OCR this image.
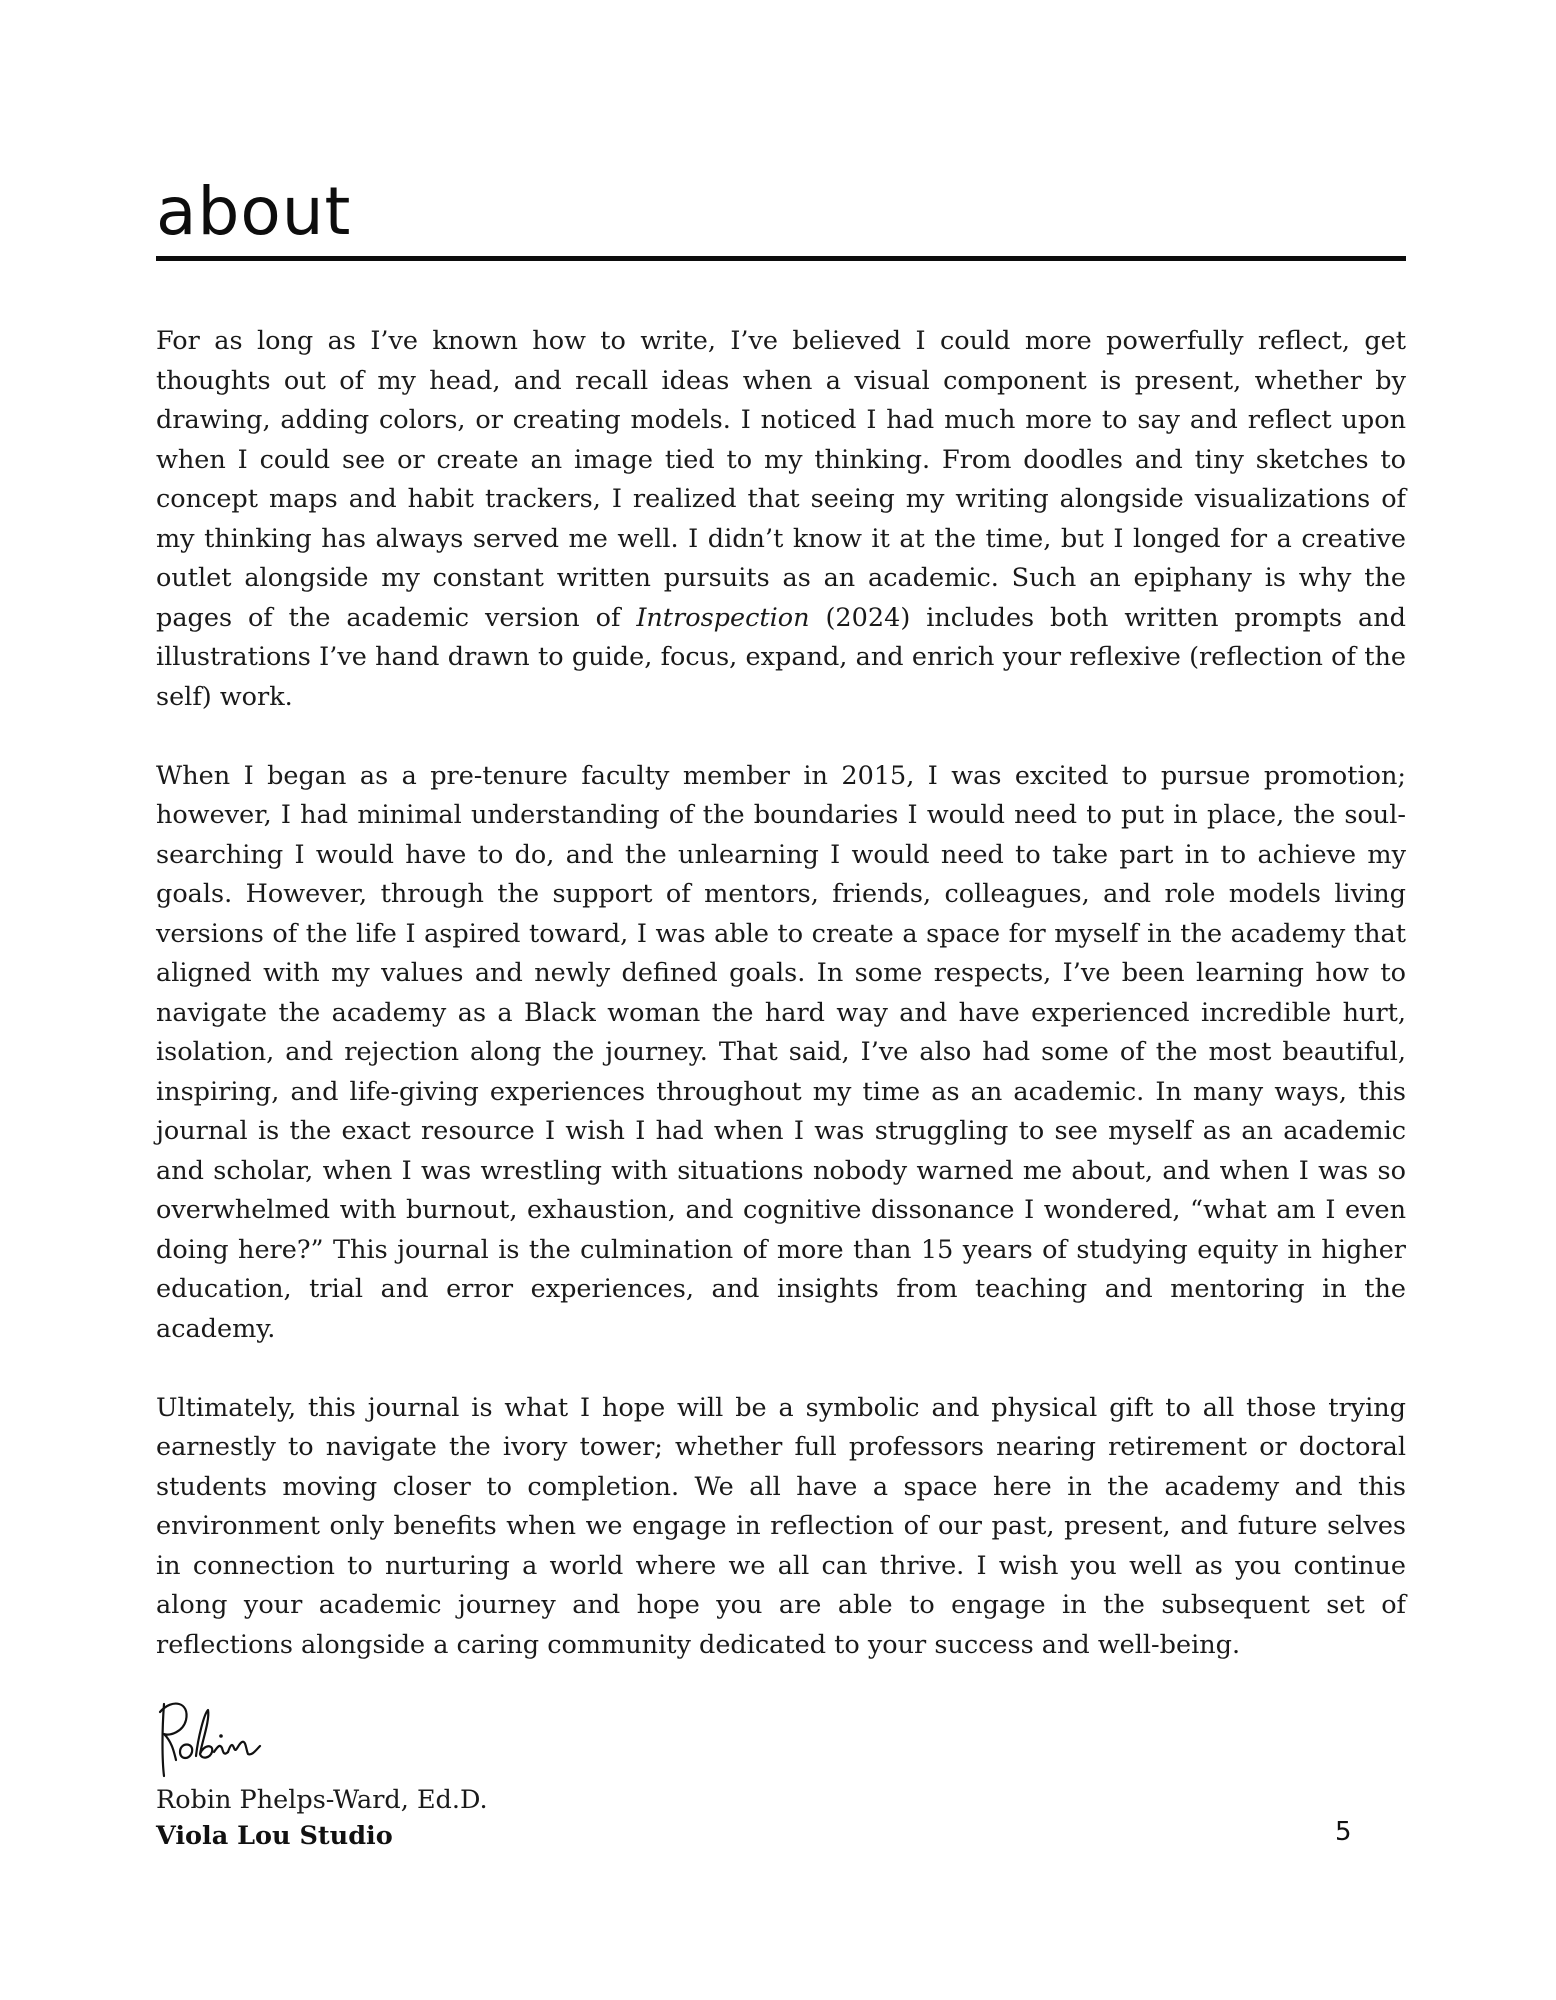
about

For as long as I’ve known how to write, I’ve believed I could more powerfully reflect, get thoughts out of my head, and recall ideas when a visual component is present, whether by drawing, adding colors, or creating models. I noticed I had much more to say and reflect upon when I could see or create an image tied to my thinking. From doodles and tiny sketches to concept maps and habit trackers, I realized that seeing my writing alongside visualizations of my thinking has always served me well. I didn’t know it at the time, but I longed for a creative outlet alongside my constant written pursuits as an academic. Such an epiphany is why the pages of the academic version of Introspection (2024) includes both written prompts and illustrations I’ve hand drawn to guide, focus, expand, and enrich your reflexive (reflection of the self) work.

When I began as a pre-tenure faculty member in 2015, I was excited to pursue promotion; however, I had minimal understanding of the boundaries I would need to put in place, the soul-searching I would have to do, and the unlearning I would need to take part in to achieve my goals. However, through the support of mentors, friends, colleagues, and role models living versions of the life I aspired toward, I was able to create a space for myself in the academy that aligned with my values and newly defined goals. In some respects, I’ve been learning how to navigate the academy as a Black woman the hard way and have experienced incredible hurt, isolation, and rejection along the journey. That said, I’ve also had some of the most beautiful, inspiring, and life-giving experiences throughout my time as an academic. In many ways, this journal is the exact resource I wish I had when I was struggling to see myself as an academic and scholar, when I was wrestling with situations nobody warned me about, and when I was so overwhelmed with burnout, exhaustion, and cognitive dissonance I wondered, “what am I even doing here?” This journal is the culmination of more than 15 years of studying equity in higher education, trial and error experiences, and insights from teaching and mentoring in the academy.

Ultimately, this journal is what I hope will be a symbolic and physical gift to all those trying earnestly to navigate the ivory tower; whether full professors nearing retirement or doctoral students moving closer to completion. We all have a space here in the academy and this environment only benefits when we engage in reflection of our past, present, and future selves in connection to nurturing a world where we all can thrive. I wish you well as you continue along your academic journey and hope you are able to engage in the subsequent set of reflections alongside a caring community dedicated to your success and well-being.

Robin Phelps-Ward, Ed.D.
Viola Lou Studio	5
